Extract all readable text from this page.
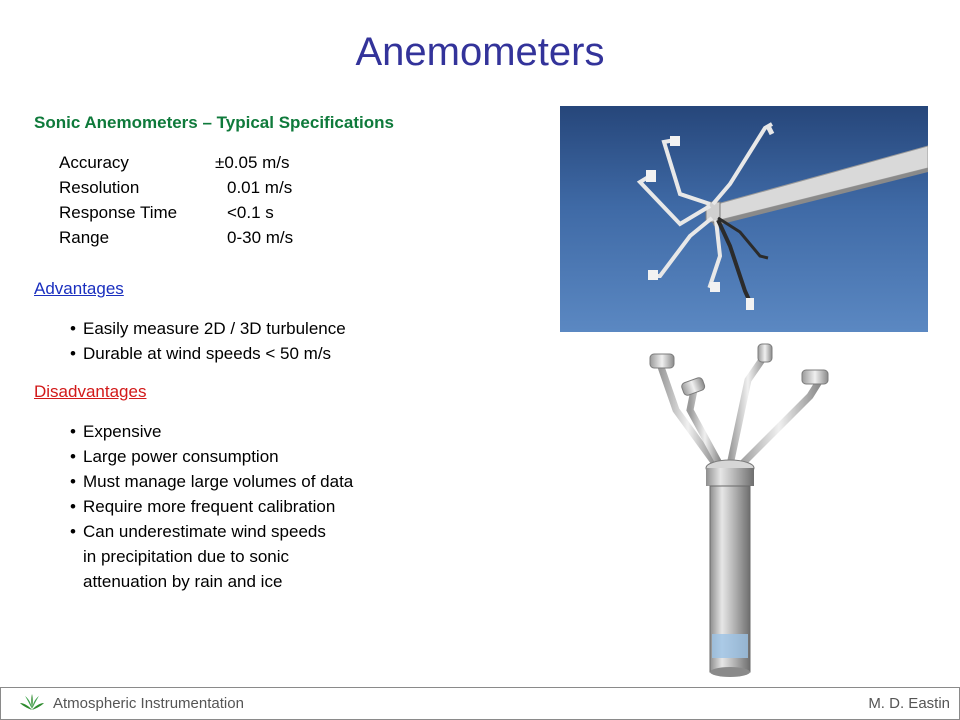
Anemometers
Sonic Anemometers – Typical Specifications
Accuracy	±0.05 m/s
Resolution	0.01 m/s
Response Time	<0.1 s
Range	0-30 m/s
Advantages
• Easily measure 2D / 3D turbulence
• Durable at wind speeds < 50 m/s
Disadvantages
• Expensive
• Large power consumption
• Must manage large volumes of data
• Require more frequent calibration
• Can underestimate wind speeds
in precipitation due to sonic
attenuation by rain and ice
Atmospheric Instrumentation	M. D. Eastin
